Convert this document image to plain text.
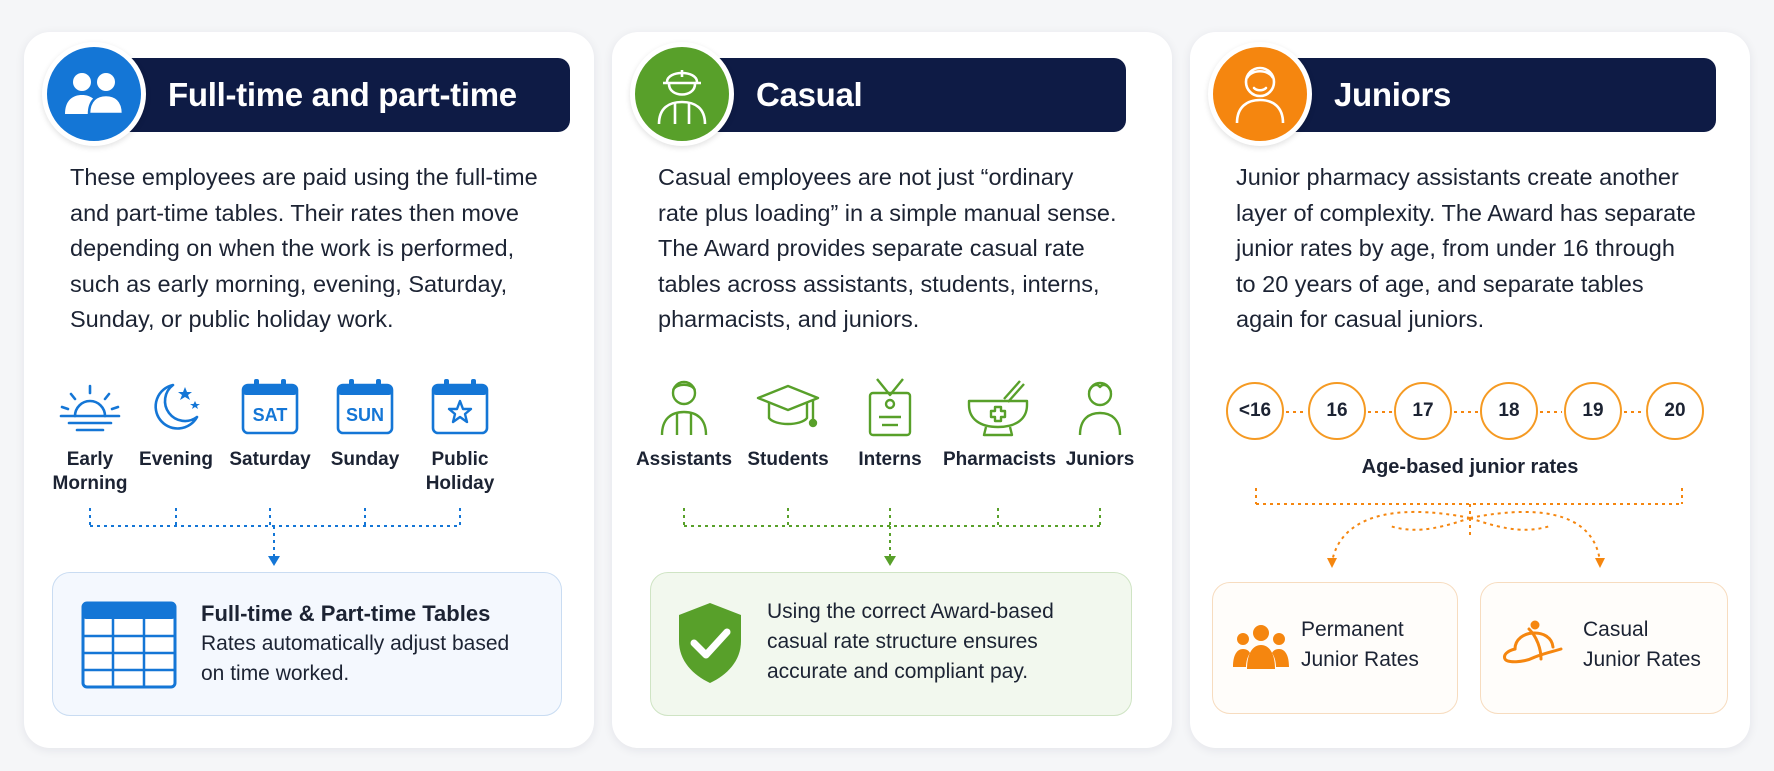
Full-time and part-time
These employees are paid using the full-time
and part-time tables. Their rates then move
depending on when the work is performed,
such as early morning, evening, Saturday,
Sunday, or public holiday work.
Early
Morning
Evening
SAT
Saturday
SUN
Sunday	Public
Holiday
Full-time & Part-time Tables
Rates automatically adjust based
on time worked.
Casual
Casual employees are not just “ordinary
rate plus loading” in a simple manual sense.
The Award provides separate casual rate
tables across assistants, students, interns,
pharmacists, and juniors.
Assistants Students	Interns	Pharmacists Juniors
Using the correct Award-based
casual rate structure ensures
accurate and compliant pay.
Juniors
Junior pharmacy assistants create another
layer of complexity. The Award has separate
junior rates by age, from under 16 through
to 20 years of age, and separate tables
again for casual juniors.
<16	16	17	18	19	20
Age-based junior rates
Permanent
Junior Rates
Casual
Junior Rates
